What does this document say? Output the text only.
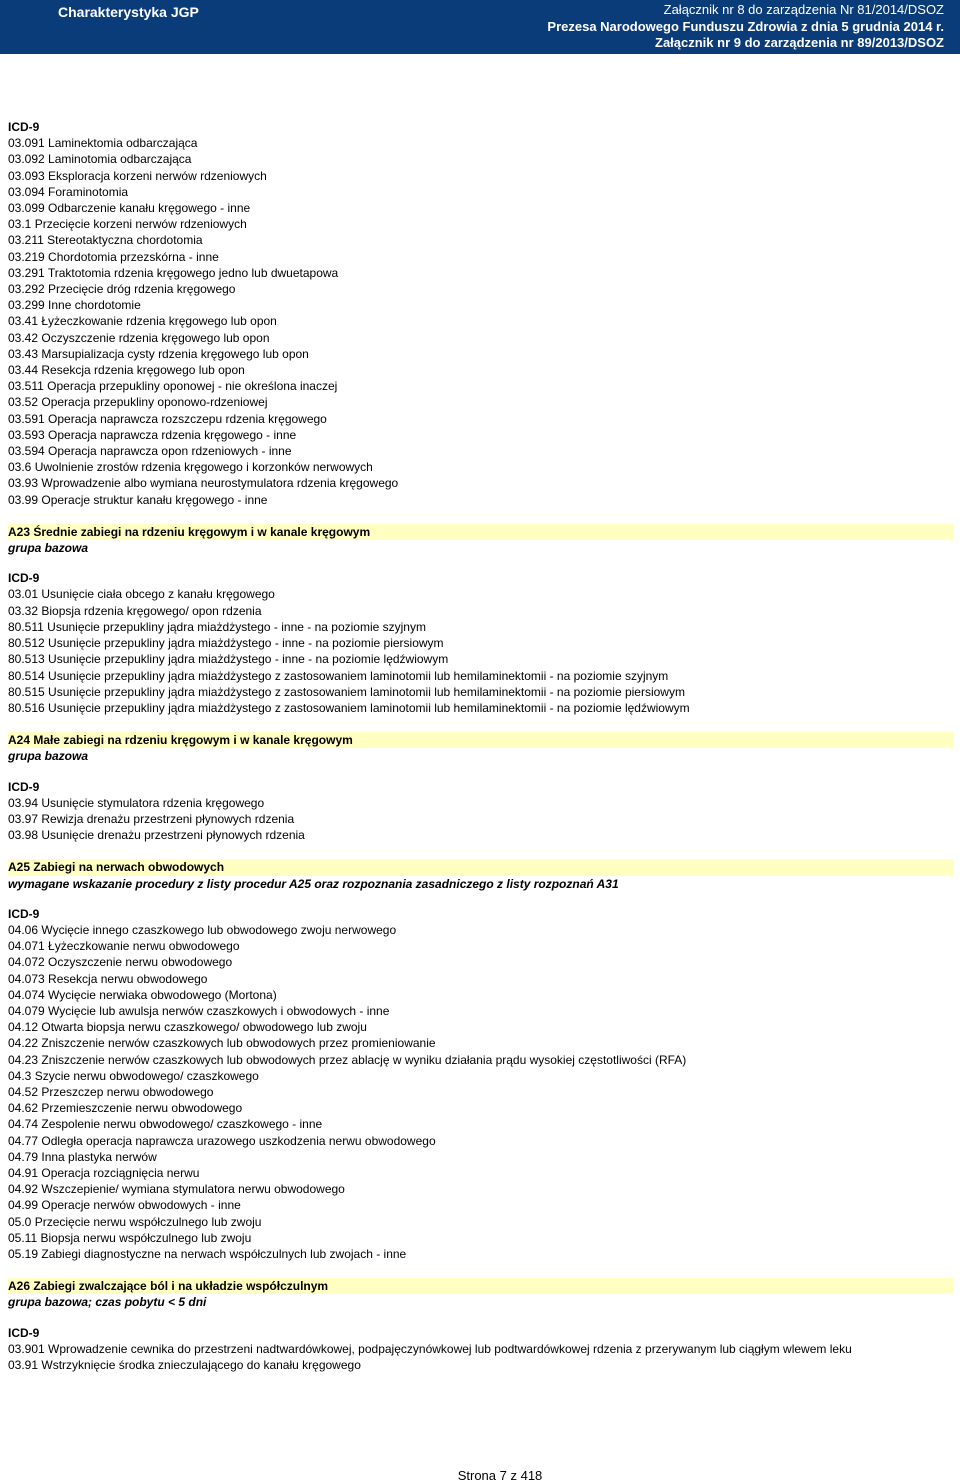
Charakterystyka JGP	Załącznik nr 8 do zarządzenia Nr 81/2014/DSOZ
Prezesa Narodowego Funduszu Zdrowia z dnia 5 grudnia 2014 r.
Załącznik nr 9 do zarządzenia nr 89/2013/DSOZ
ICD-9
03.091 Laminektomia odbarczająca
03.092 Laminotomia odbarczająca
03.093 Eksploracja korzeni nerwów rdzeniowych
03.094 Foraminotomia
03.099 Odbarczenie kanału kręgowego - inne
03.1 Przecięcie korzeni nerwów rdzeniowych
03.211 Stereotaktyczna chordotomia
03.219 Chordotomia przezskórna - inne
03.291 Traktotomia rdzenia kręgowego jedno lub dwuetapowa
03.292 Przecięcie dróg rdzenia kręgowego
03.299 Inne chordotomie
03.41 Łyżeczkowanie rdzenia kręgowego lub opon
03.42 Oczyszczenie rdzenia kręgowego lub opon
03.43 Marsupializacja cysty rdzenia kręgowego lub opon
03.44 Resekcja rdzenia kręgowego lub opon
03.511 Operacja przepukliny oponowej - nie określona inaczej
03.52 Operacja przepukliny oponowo-rdzeniowej
03.591 Operacja naprawcza rozszczepu rdzenia kręgowego
03.593 Operacja naprawcza rdzenia kręgowego - inne
03.594 Operacja naprawcza opon rdzeniowych - inne
03.6 Uwolnienie zrostów rdzenia kręgowego i korzonków nerwowych
03.93 Wprowadzenie albo wymiana neurostymulatora rdzenia kręgowego
03.99 Operacje struktur kanału kręgowego - inne
A23 Średnie zabiegi na rdzeniu kręgowym i w kanale kręgowym
grupa bazowa
ICD-9
03.01 Usunięcie ciała obcego z kanału kręgowego
03.32 Biopsja rdzenia kręgowego/ opon rdzenia
80.511 Usunięcie przepukliny jądra miażdżystego - inne - na poziomie szyjnym
80.512 Usunięcie przepukliny jądra miażdżystego - inne - na poziomie piersiowym
80.513 Usunięcie przepukliny jądra miażdżystego - inne - na poziomie lędźwiowym
80.514 Usunięcie przepukliny jądra miażdżystego z zastosowaniem laminotomii lub hemilaminektomii - na poziomie szyjnym
80.515 Usunięcie przepukliny jądra miażdżystego z zastosowaniem laminotomii lub hemilaminektomii - na poziomie piersiowym
80.516 Usunięcie przepukliny jądra miażdżystego z zastosowaniem laminotomii lub hemilaminektomii - na poziomie lędźwiowym
A24 Małe zabiegi na rdzeniu kręgowym i w kanale kręgowym
grupa bazowa
ICD-9
03.94 Usunięcie stymulatora rdzenia kręgowego
03.97 Rewizja drenażu przestrzeni płynowych rdzenia
03.98 Usunięcie drenażu przestrzeni płynowych rdzenia
A25 Zabiegi na nerwach obwodowych
wymagane wskazanie procedury z listy procedur A25 oraz rozpoznania zasadniczego z listy rozpoznań A31
ICD-9
04.06 Wycięcie innego czaszkowego lub obwodowego zwoju nerwowego
04.071 Łyżeczkowanie nerwu obwodowego
04.072 Oczyszczenie nerwu obwodowego
04.073 Resekcja nerwu obwodowego
04.074 Wycięcie nerwiaka obwodowego (Mortona)
04.079 Wycięcie lub awulsja nerwów czaszkowych i obwodowych - inne
04.12 Otwarta biopsja nerwu czaszkowego/ obwodowego lub zwoju
04.22 Zniszczenie nerwów czaszkowych lub obwodowych przez promieniowanie
04.23 Zniszczenie nerwów czaszkowych lub obwodowych przez ablację w wyniku działania prądu wysokiej częstotliwości (RFA)
04.3 Szycie nerwu obwodowego/ czaszkowego
04.52 Przeszczep nerwu obwodowego
04.62 Przemieszczenie nerwu obwodowego
04.74 Zespolenie nerwu obwodowego/ czaszkowego - inne
04.77 Odległa operacja naprawcza urazowego uszkodzenia nerwu obwodowego
04.79 Inna plastyka nerwów
04.91 Operacja rozciągnięcia nerwu
04.92 Wszczepienie/ wymiana stymulatora nerwu obwodowego
04.99 Operacje nerwów obwodowych - inne
05.0 Przecięcie nerwu współczulnego lub zwoju
05.11 Biopsja nerwu współczulnego lub zwoju
05.19 Zabiegi diagnostyczne na nerwach współczulnych lub zwojach - inne
A26 Zabiegi zwalczające ból i na układzie współczulnym
grupa bazowa; czas pobytu < 5 dni
ICD-9
03.901 Wprowadzenie cewnika do przestrzeni nadtwardówkowej, podpajęczynówkowej lub podtwardówkowej rdzenia z przerywanym lub ciągłym wlewem leku
03.91 Wstrzyknięcie środka znieczulającego do kanału kręgowego
Strona 7 z 418
